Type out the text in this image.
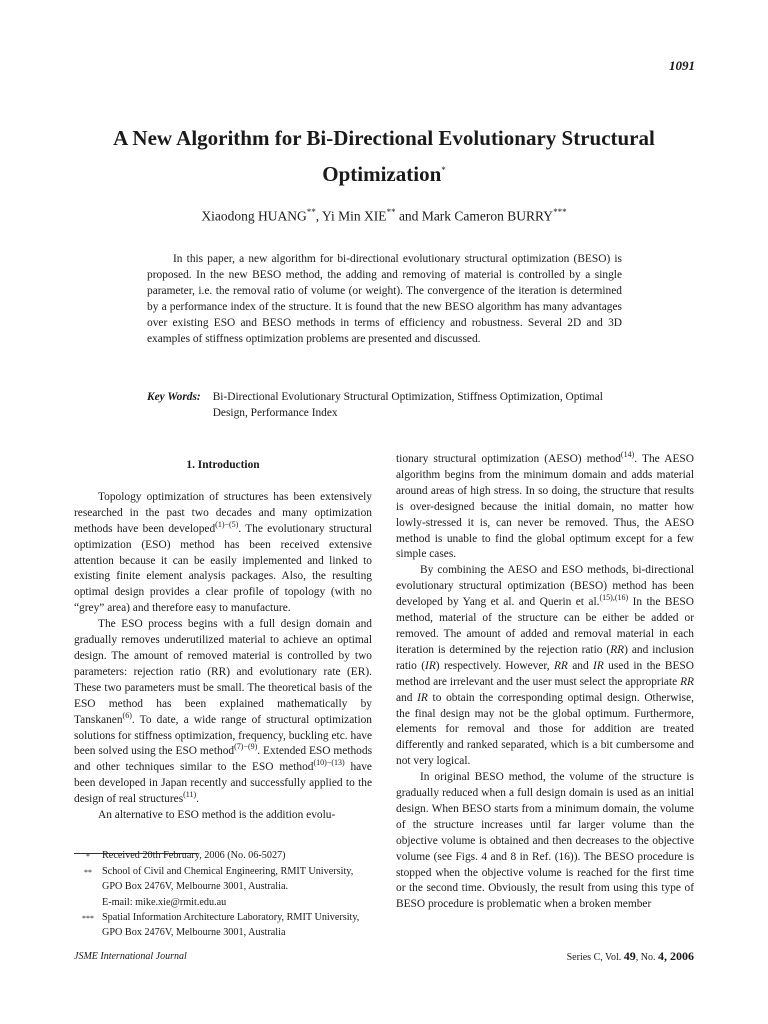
1091
A New Algorithm for Bi-Directional Evolutionary Structural Optimization*
Xiaodong HUANG**, Yi Min XIE** and Mark Cameron BURRY***
In this paper, a new algorithm for bi-directional evolutionary structural optimization (BESO) is proposed. In the new BESO method, the adding and removing of material is controlled by a single parameter, i.e. the removal ratio of volume (or weight). The convergence of the iteration is determined by a performance index of the structure. It is found that the new BESO algorithm has many advantages over existing ESO and BESO methods in terms of efficiency and robustness. Several 2D and 3D examples of stiffness optimization problems are presented and discussed.
Key Words: Bi-Directional Evolutionary Structural Optimization, Stiffness Optimization, Optimal Design, Performance Index
1. Introduction

Topology optimization of structures has been extensively researched in the past two decades and many optimization methods have been developed$^{(1)-(5)}$. The evolutionary structural optimization (ESO) method has been received extensive attention because it can be easily implemented and linked to existing finite element analysis packages. Also, the resulting optimal design provides a clear profile of topology (with no “grey” area) and therefore easy to manufacture.

The ESO process begins with a full design domain and gradually removes underutilized material to achieve an optimal design. The amount of removed material is controlled by two parameters: rejection ratio (RR) and evolutionary rate (ER). These two parameters must be small. The theoretical basis of the ESO method has been explained mathematically by Tanskanen$^{(6)}$. To date, a wide range of structural optimization solutions for stiffness optimization, frequency, buckling etc. have been solved using the ESO method$^{(7)-(9)}$. Extended ESO methods and other techniques similar to the ESO method$^{(10)-(13)}$ have been developed in Japan recently and successfully applied to the design of real structures$^{(11)}$.

An alternative to ESO method is the addition evolu-

tionary structural optimization (AESO) method$^{(14)}$. The AESO algorithm begins from the minimum domain and adds material around areas of high stress. In so doing, the structure that results is over-designed because the initial domain, no matter how lowly-stressed it is, can never be removed. Thus, the AESO method is unable to find the global optimum except for a few simple cases.

By combining the AESO and ESO methods, bi-directional evolutionary structural optimization (BESO) method has been developed by Yang et al. and Querin et al.$^{(15),(16)}$ In the BESO method, material of the structure can be either be added or removed. The amount of added and removal material in each iteration is determined by the rejection ratio (RR) and inclusion ratio (IR) respectively. However, RR and IR used in the BESO method are irrelevant and the user must select the appropriate RR and IR to obtain the corresponding optimal design. Otherwise, the final design may not be the global optimum. Furthermore, elements for removal and those for addition are treated differently and ranked separated, which is a bit cumbersome and not very logical.

In original BESO method, the volume of the structure is gradually reduced when a full design domain is used as an initial design. When BESO starts from a minimum domain, the volume of the structure increases until far larger volume than the objective volume is obtained and then decreases to the objective volume (see Figs. 4 and 8 in Ref. (16)). The BESO procedure is stopped when the objective volume is reached for the first time or the second time. Obviously, the result from using this type of BESO procedure is problematic when a broken member

*	Received 20th February, 2006 (No. 06-5027)
** School of Civil and Chemical Engineering, RMIT University, GPO Box 2476V, Melbourne 3001, Australia.
E-mail: mike.xie@rmit.edu.au
*** Spatial Information Architecture Laboratory, RMIT University, GPO Box 2476V, Melbourne 3001, Australia
JSME International Journal	Series C, Vol. 49, No. 4, 2006
